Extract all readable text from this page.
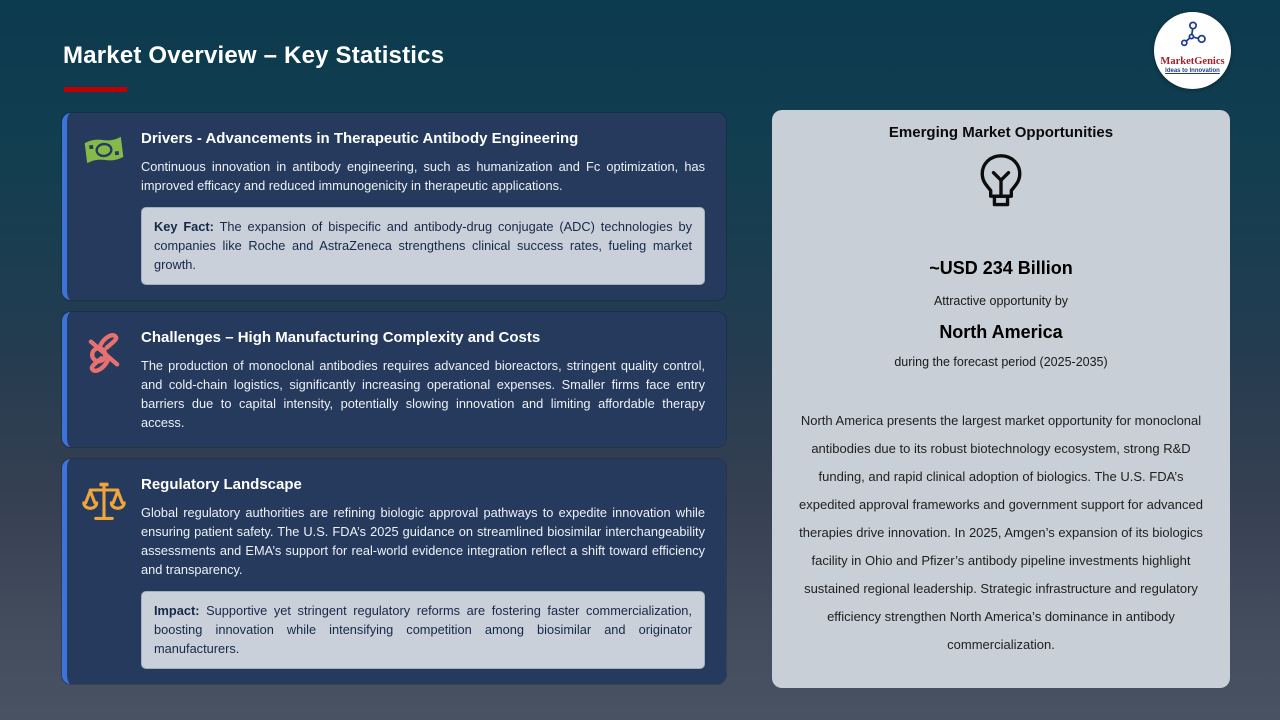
Market Overview – Key Statistics
Drivers - Advancements in Therapeutic Antibody Engineering

Continuous innovation in antibody engineering, such as humanization and Fc optimization, has improved efficacy and reduced immunogenicity in therapeutic applications.

Key Fact: The expansion of bispecific and antibody-drug conjugate (ADC) technologies by companies like Roche and AstraZeneca strengthens clinical success rates, fueling market growth.

Challenges – High Manufacturing Complexity and Costs

The production of monoclonal antibodies requires advanced bioreactors, stringent quality control, and cold-chain logistics, significantly increasing operational expenses. Smaller firms face entry barriers due to capital intensity, potentially slowing innovation and limiting affordable therapy access.

Regulatory Landscape

Global regulatory authorities are refining biologic approval pathways to expedite innovation while ensuring patient safety. The U.S. FDA’s 2025 guidance on streamlined biosimilar interchangeability assessments and EMA’s support for real-world evidence integration reflect a shift toward efficiency and transparency.

Impact: Supportive yet stringent regulatory reforms are fostering faster commercialization, boosting innovation while intensifying competition among biosimilar and originator manufacturers.

Emerging Market Opportunities
~USD 234 Billion
Attractive opportunity by
North America
during the forecast period (2025-2035)

North America presents the largest market opportunity for monoclonal antibodies due to its robust biotechnology ecosystem, strong R&D funding, and rapid clinical adoption of biologics. The U.S. FDA’s expedited approval frameworks and government support for advanced therapies drive innovation. In 2025, Amgen’s expansion of its biologics facility in Ohio and Pfizer’s antibody pipeline investments highlight sustained regional leadership. Strategic infrastructure and regulatory efficiency strengthen North America’s dominance in antibody commercialization.

MarketGenics
Ideas to Innovation
